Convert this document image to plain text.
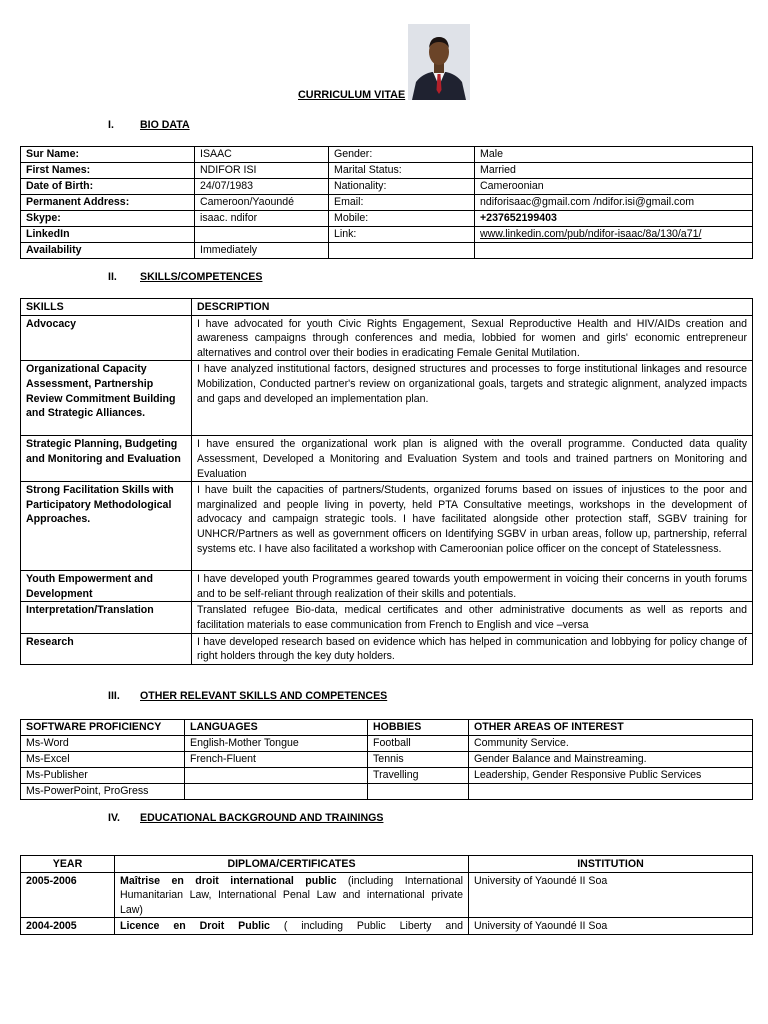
CURRICULUM VITAE
I. BIO DATA
Sur Name:	ISAAC	Gender:	Male
First Names:	NDIFOR ISI	Marital Status:	Married
Date of Birth:	24/07/1983	Nationality:	Cameroonian
Permanent Address:	Cameroon/Yaoundé	Email:	ndiforisaac@gmail.com /ndifor.isi@gmail.com
Skype:	isaac. ndifor	Mobile:	+237652199403
LinkedIn		Link:	www.linkedin.com/pub/ndifor-isaac/8a/130/a71/
Availability	Immediately		
II. SKILLS/COMPETENCES
SKILLS	DESCRIPTION
Advocacy	I have advocated for youth Civic Rights Engagement, Sexual Reproductive Health and HIV/AIDs creation and awareness campaigns through conferences and media, lobbied for women and girls' economic entrepreneur alternatives and control over their bodies in eradicating Female Genital Mutilation.
Organizational Capacity Assessment, Partnership Review Commitment Building and Strategic Alliances.	I have analyzed institutional factors, designed structures and processes to forge institutional linkages and resource Mobilization, Conducted partner's review on organizational goals, targets and strategic alignment, analyzed impacts and gaps and developed an implementation plan.
Strategic Planning, Budgeting and Monitoring and Evaluation	I have ensured the organizational work plan is aligned with the overall programme. Conducted data quality Assessment, Developed a Monitoring and Evaluation System and tools and trained partners on Monitoring and Evaluation
Strong Facilitation Skills with Participatory Methodological Approaches.	I have built the capacities of partners/Students, organized forums based on issues of injustices to the poor and marginalized and people living in poverty, held PTA Consultative meetings, workshops in the development of advocacy and campaign strategic tools. I have facilitated alongside other protection staff, SGBV training for UNHCR/Partners as well as government officers on Identifying SGBV in urban areas, follow up, partnership, referral systems etc. I have also facilitated a workshop with Cameroonian police officer on the concept of Statelessness.
Youth Empowerment and Development	I have developed youth Programmes geared towards youth empowerment in voicing their concerns in youth forums and to be self-reliant through realization of their skills and potentials.
Interpretation/Translation	Translated refugee Bio-data, medical certificates and other administrative documents as well as reports and facilitation materials to ease communication from French to English and vice –versa
Research	I have developed research based on evidence which has helped in communication and lobbying for policy change of right holders through the key duty holders.
III. OTHER RELEVANT SKILLS AND COMPETENCES
SOFTWARE PROFICIENCY	LANGUAGES	HOBBIES	OTHER AREAS OF INTEREST
Ms-Word	English-Mother Tongue	Football	Community Service.
Ms-Excel	French-Fluent	Tennis	Gender Balance and Mainstreaming.
Ms-Publisher		Travelling	Leadership, Gender Responsive Public Services
Ms-PowerPoint, ProGress			
IV. EDUCATIONAL BACKGROUND AND TRAININGS
YEAR	DIPLOMA/CERTIFICATES	INSTITUTION
2005-2006	Maîtrise en droit international public (including International Humanitarian Law, International Penal Law and international private Law)	University of Yaoundé II Soa
2004-2005	Licence en Droit Public ( including Public Liberty and	University of Yaoundé II Soa
